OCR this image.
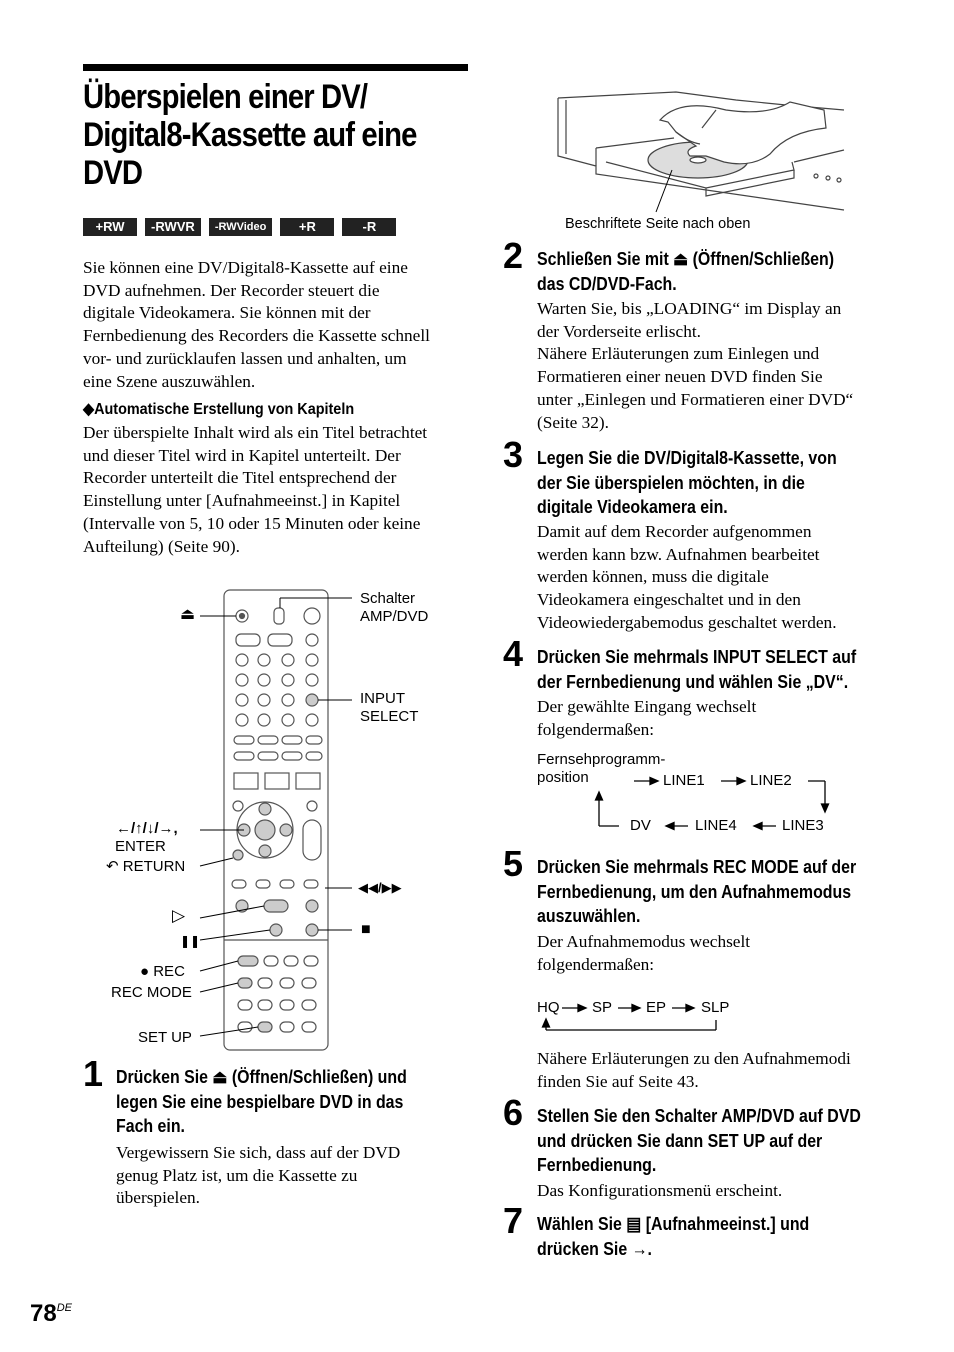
Überspielen einer DV/
Digital8-Kassette auf eine
DVD
+RW	-RWVR	-RWVideo	+R	-R
Sie können eine DV/Digital8-Kassette auf eine
DVD aufnehmen. Der Recorder steuert die
digitale Videokamera. Sie können mit der
Fernbedienung des Recorders die Kassette schnell
vor- und zurücklaufen lassen und anhalten, um
eine Szene auszuwählen.
◆Automatische Erstellung von Kapiteln
Der überspielte Inhalt wird als ein Titel betrachtet
und dieser Titel wird in Kapitel unterteilt. Der
Recorder unterteilt die Titel entsprechend der
Einstellung unter [Aufnahmeeinst.] in Kapitel
(Intervalle von 5, 10 oder 15 Minuten oder keine
Aufteilung) (Seite 90).
⏏
Schalter
AMP/DVD
INPUT
SELECT
←/↑/↓/→,
ENTER
↶ RETURN
◀◀/▶▶
▷
❚❚
■
● REC
REC MODE
SET UP
1 Drücken Sie ⏏ (Öffnen/Schließen) und
legen Sie eine bespielbare DVD in das
Fach ein.
Vergewissern Sie sich, dass auf der DVD
genug Platz ist, um die Kassette zu
überspielen.
Beschriftete Seite nach oben
2 Schließen Sie mit ⏏ (Öffnen/Schließen)
das CD/DVD-Fach.
Warten Sie, bis „LOADING“ im Display an
der Vorderseite erlischt.
Nähere Erläuterungen zum Einlegen und
Formatieren einer neuen DVD finden Sie
unter „Einlegen und Formatieren einer DVD“
(Seite 32).
3 Legen Sie die DV/Digital8-Kassette, von
der Sie überspielen möchten, in die
digitale Videokamera ein.
Damit auf dem Recorder aufgenommen
werden kann bzw. Aufnahmen bearbeitet
werden können, muss die digitale
Videokamera eingeschaltet und in den
Videowiedergabemodus geschaltet werden.
4 Drücken Sie mehrmals INPUT SELECT auf
der Fernbedienung und wählen Sie „DV“.
Der gewählte Eingang wechselt
folgendermaßen:
Fernsehprogramm-
position	LINE1	LINE2
DV	LINE4	LINE3
5 Drücken Sie mehrmals REC MODE auf der
Fernbedienung, um den Aufnahmemodus
auszuwählen.
Der Aufnahmemodus wechselt
folgendermaßen:
HQ SP EP SLP
Nähere Erläuterungen zu den Aufnahmemodi
finden Sie auf Seite 43.
6 Stellen Sie den Schalter AMP/DVD auf DVD
und drücken Sie dann SET UP auf der
Fernbedienung.
Das Konfigurationsmenü erscheint.
7 Wählen Sie ▤ [Aufnahmeeinst.] und
drücken Sie →.
78DE
